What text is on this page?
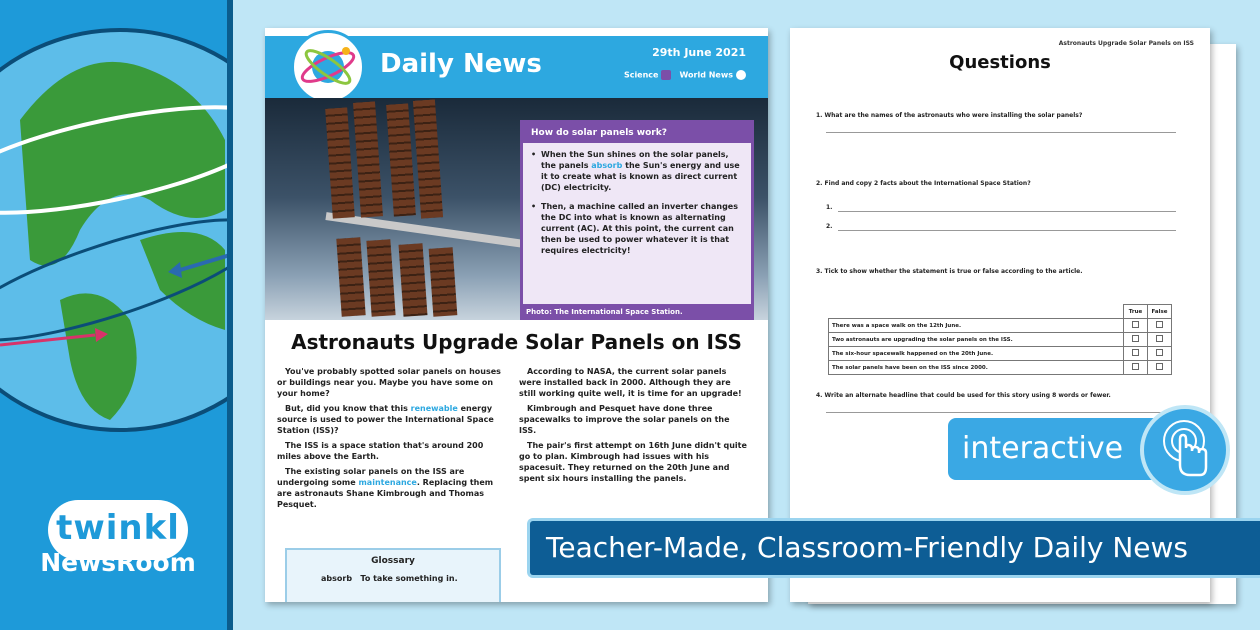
twinkl
NewsRoom
Daily News	29th June 2021
Science	World News
How do solar panels work?
• When the Sun shines on the solar panels, the panels absorb the Sun's energy and use it to create what is known as direct current (DC) electricity.
• Then, a machine called an inverter changes the DC into what is known as alternating current (AC). At this point, the current can then be used to power whatever it is that requires electricity!
Photo: The International Space Station.
Astronauts Upgrade Solar Panels on ISS

You've probably spotted solar panels on houses or buildings near you. Maybe you have some on your home?

But, did you know that this renewable energy source is used to power the International Space Station (ISS)?

The ISS is a space station that's around 200 miles above the Earth.

The existing solar panels on the ISS are undergoing some maintenance. Replacing them are astronauts Shane Kimbrough and Thomas Pesquet.

According to NASA, the current solar panels were installed back in 2000. Although they are still working quite well, it is time for an upgrade!

Kimbrough and Pesquet have done three spacewalks to improve the solar panels on the ISS.

The pair's first attempt on 16th June didn't quite go to plan. Kimbrough had issues with his spacesuit. They returned on the 20th June and spent six hours installing the panels.

Glossary
absorb To take something in.
Astronauts Upgrade Solar Panels on ISS
Questions
1. What are the names of the astronauts who were installing the solar panels?
2. Find and copy 2 facts about the International Space Station?
1.
2.
3. Tick to show whether the statement is true or false according to the article.
	True	False
There was a space walk on the 12th June.		
Two astronauts are upgrading the solar panels on the ISS.		
The six-hour spacewalk happened on the 20th June.		
The solar panels have been on the ISS since 2000.		
4. Write an alternate headline that could be used for this story using 8 words or fewer.
interactive
Teacher-Made, Classroom-Friendly Daily News
